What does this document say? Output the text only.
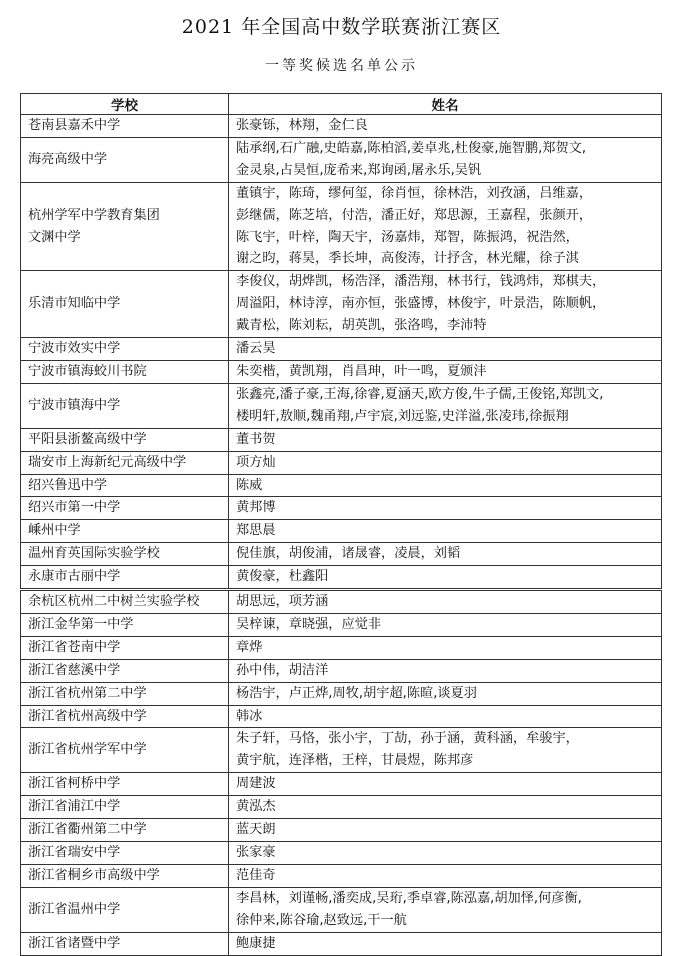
2021 年全国高中数学联赛浙江赛区
一等奖候选名单公示
学校	姓名
苍南县嘉禾中学	张豪铄，林翔，金仁良
海亮高级中学	陆承纲,石广融,史皓嘉,陈柏滔,姜卓兆,杜俊豪,施智鹏,郑贺文,
金灵泉,占昊恒,庞希来,郑询函,屠永乐,吴钒
杭州学军中学教育集团
文渊中学	董镇宇，陈琦，缪何玺，徐肖恒，徐林浩，刘孜涵，吕维嘉，
彭继儒，陈芝培，付浩，潘正好，郑思源，王嘉程，张颜开，
陈飞宇，叶梓，陶天宇，汤嘉炜，郑智，陈振鸿，祝浩然，
谢之昀，蒋昊，季长坤，高俊涛，计抒含，林光耀，徐子淇
乐清市知临中学	李俊仪，胡烨凯，杨浩泽，潘浩翔，林书行，钱鸿炜，郑棋夫，
周溢阳，林诗淳，南亦恒，张盛博，林俊宇，叶景浩，陈顺帆，
戴青松，陈刘耘，胡英凯，张洛鸣，李沛特
宁波市效实中学	潘云昊
宁波市镇海蛟川书院	朱奕楷，黄凯翔，肖昌珅，叶一鸣，夏颁沣
宁波市镇海中学	张鑫亮,潘子豪,王海,徐睿,夏涵天,欧方俊,牛子儒,王俊铭,郑凯文,
楼明轩,敖顺,魏甬翔,卢宇宸,刘远鉴,史洋溢,张凌玮,徐振翔
平阳县浙鳌高级中学	董书贺
瑞安市上海新纪元高级中学	项方灿
绍兴鲁迅中学	陈威
绍兴市第一中学	黄邦博
嵊州中学	郑思晨
温州育英国际实验学校	倪佳旗，胡俊浦，诸晟睿，凌晨，刘韬
永康市古丽中学	黄俊豪，杜鑫阳
余杭区杭州二中树兰实验学校	胡思远，项芳涵
浙江金华第一中学	吴梓谏，章晓强，应觉非
浙江省苍南中学	章烨
浙江省慈溪中学	孙中伟，胡洁洋
浙江省杭州第二中学	杨浩宇，卢正烨,周牧,胡宇超,陈暄,谈夏羽
浙江省杭州高级中学	韩冰
浙江省杭州学军中学	朱子轩，马恪，张小宇，丁劼，孙于涵，黄科涵，牟骏宇，
黄宇航，连泽楷，王梓，甘晨煜，陈邦彦
浙江省柯桥中学	周建波
浙江省浦江中学	黄泓杰
浙江省衢州第二中学	蓝天朗
浙江省瑞安中学	张家豪
浙江省桐乡市高级中学	范佳奇
浙江省温州中学	李昌林，刘谨畅,潘奕成,吴珩,季卓睿,陈泓嘉,胡加怿,何彦衡,
徐仲来,陈谷瑜,赵致远,干一航
浙江省诸暨中学	鲍康捷
